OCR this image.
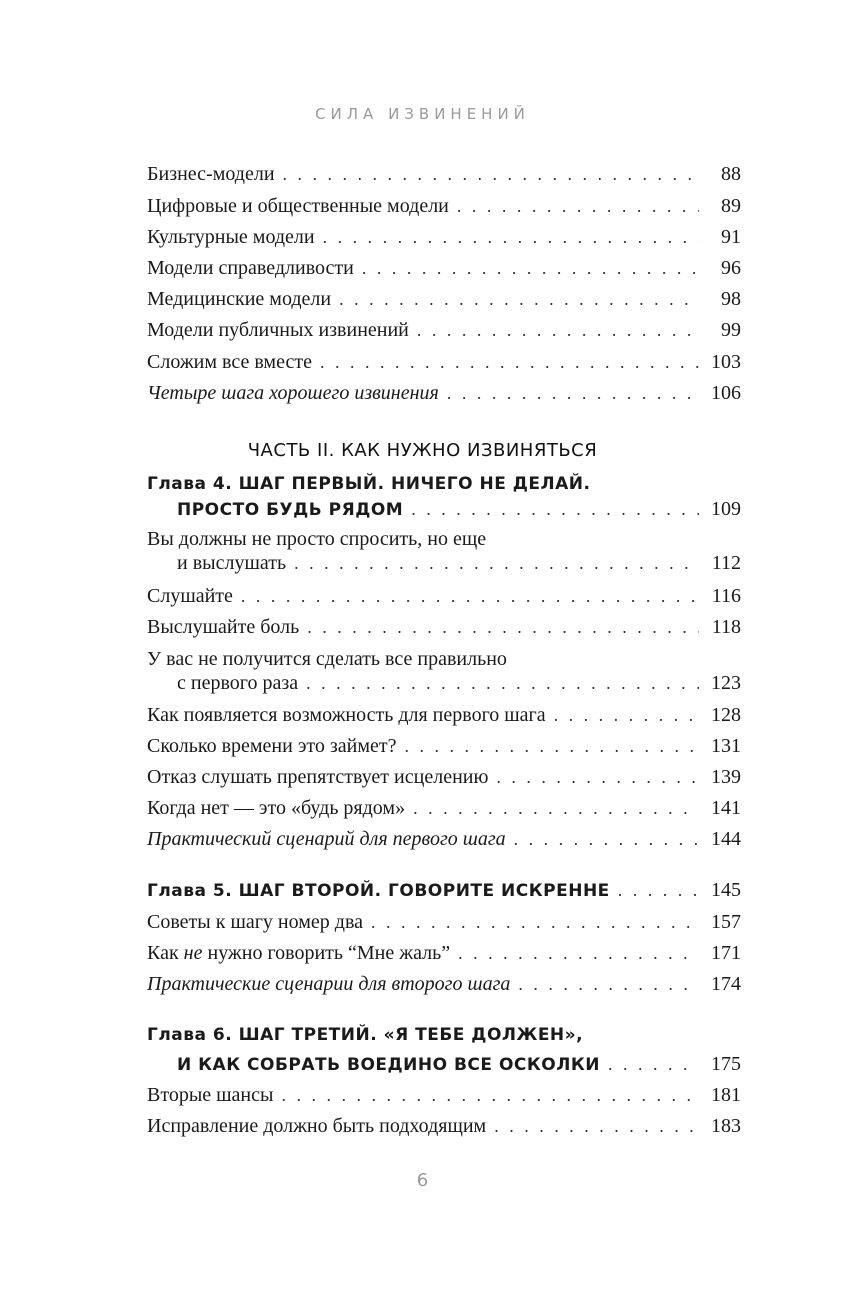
СИЛА ИЗВИНЕНИЙ
Бизнес-модели . . .	88
Цифровые и общественные модели . . .	89
Культурные модели . . .	91
Модели справедливости . . .	96
Медицинские модели . . .	98
Модели публичных извинений . . .	99
Сложим все вместе . . .	103
Четыре шага хорошего извинения . . .	106
Глава 4. ШАГ ПЕРВЫЙ. НИЧЕГО НЕ ДЕЛАЙ.
ПРОСТО БУДЬ РЯДОМ . . .	109
Вы должны не просто спросить, но еще
и выслушать . . .	112
Слушайте . . .	116
Выслушайте боль . . .	118
У вас не получится сделать все правильно
с первого раза . . .	123
Как появляется возможность для первого шага . . .	128
Сколько времени это займет? . . .	131
Отказ слушать препятствует исцелению . . .	139
Когда нет — это «будь рядом» . . .	141
Практический сценарий для первого шага . . .	144
Глава 5. ШАГ ВТОРОЙ. ГОВОРИТЕ ИСКРЕННЕ . . .	145
Советы к шагу номер два . . .	157
Как не нужно говорить “Мне жаль” . . .	171
Практические сценарии для второго шага . . .	174
Глава 6. ШАГ ТРЕТИЙ. «Я ТЕБЕ ДОЛЖЕН»,
И КАК СОБРАТЬ ВОЕДИНО ВСЕ ОСКОЛКИ . . .	175
Вторые шансы . . .	181
Исправление должно быть подходящим . . .	183
ЧАСТЬ II. КАК НУЖНО ИЗВИНЯТЬСЯ
6
